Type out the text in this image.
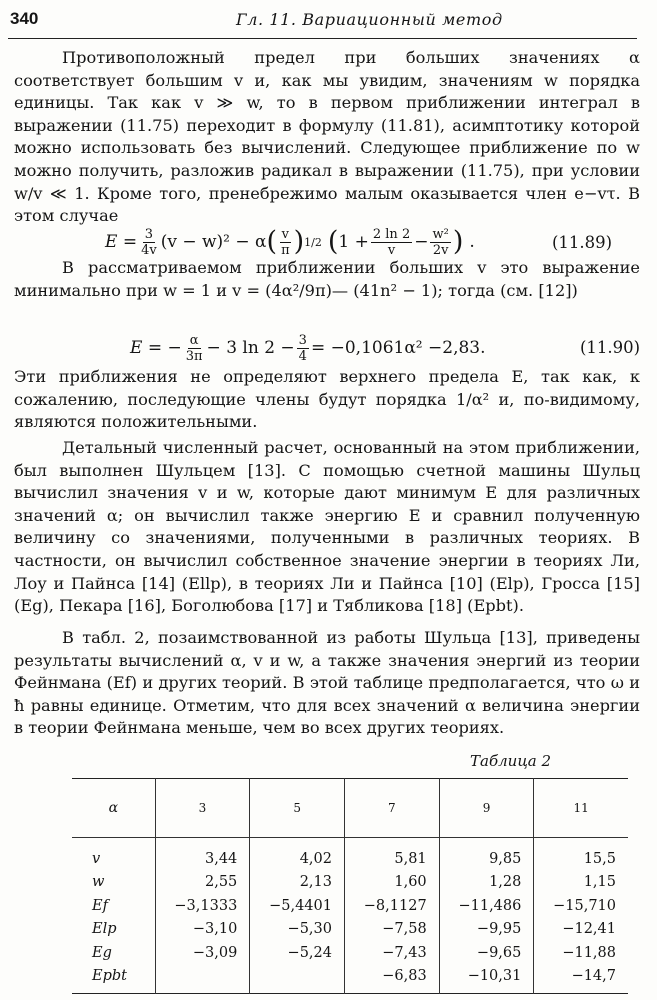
340	Гл. 11. Вариационный метод

Противоположный предел при больших значениях α соответствует большим v и, как мы увидим, значениям w порядка единицы. Так как v ≫ w, то в первом приближении интеграл в выражении (11.75) переходит в формулу (11.81), асимптотику которой можно использовать без вычислений. Следующее приближение по w можно получить, разложив радикал в выражении (11.75), при условии w/v ≪ 1. Кроме того, пренебрежимо малым оказывается член e−vτ. В этом случае

$E = \frac{3}{4v} (v - w)^2 - \alpha$ ( $\frac{v}{\pi}$ ) 1/2 ( $1 + \frac{2 \ln 2}{v} - \frac{\text{w²}}{2v}$ ) .	(11.89)

В рассматриваемом приближении больших v это выражение минимально при w = 1 и v = (4α²/9π)— (41n² − 1); тогда (см. [12])

E = − $\frac{\alpha}{3\pi} - 3$ $\ln 2 - \frac{3}{4} = -0,1061\alpha^2 -2,83$.	(11.90)

Эти приближения не определяют верхнего предела E, так как, к сожалению, последующие члены будут порядка 1/α² и, по-видимому, являются положительными.

Детальный численный расчет, основанный на этом приближении, был выполнен Шульцем [13]. С помощью счетной машины Шульц вычислил значения v и w, которые дают минимум E для различных значений α; он вычислил также энергию E и сравнил полученную величину со значениями, полученными в различных теориях. В частности, он вычислил собственное значение энергии в теориях Ли, Лоу и Пайнса [14] (Ellp), в теориях Ли и Пайнса [10] (Elp), Гросса [15] (Eg), Пекара [16], Боголюбова [17] и Тябликова [18] (Epbt).

В табл. 2, позаимствованной из работы Шульца [13], приведены результаты вычислений α, v и w, а также значения энергий из теории Фейнмана (Ef) и других теорий. В этой таблице предполагается, что ω и ħ равны единице. Отметим, что для всех значений α величина энергии в теории Фейнмана меньше, чем во всех других теориях.

Таблица 2
α	3	5	7	9	11
v	3,44	4,02	5,81	9,85	15,5
w	2,55	2,13	1,60	1,28	1,15
Ef	−3,1333	−5,4401	−8,1127	−11,486	−15,710
Elp	−3,10	−5,30	−7,58	−9,95	−12,41
Eg	−3,09	−5,24	−7,43	−9,65	−11,88
Epbt			−6,83	−10,31	−14,7
